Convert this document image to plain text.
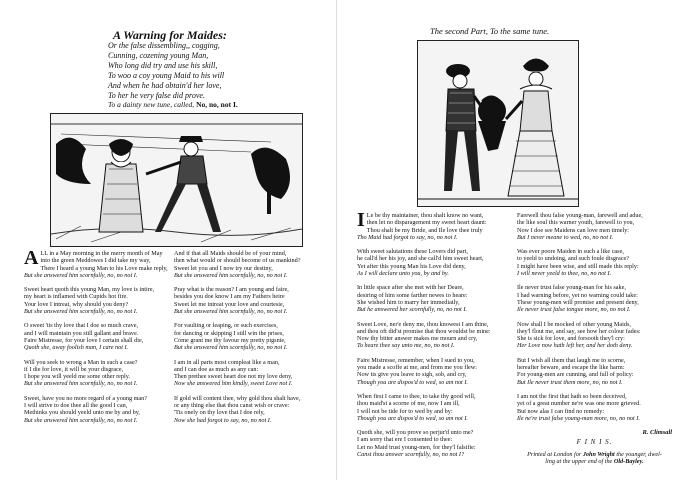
A Warning for Maides:
Or the false dissembling,, cogging,
Cunning, cozening young Man,
Who long did try and use his skill,
To woo a coy young Maid to his will
And when he had obtain'd her love,
To her he very false did prove.
To a dainty new tune, called, No, no, not I.
A LL in a May morning in the merry month of May
into the green Meddowes I did take my way,
There I heard a young Man to his Love make reply,
But she answered him scornfully, no, no not I.
Sweet heart quoth this young Man, my love is intire,
my heart is inflamed with Cupids hot fire.
Your love I intreat, why should you deny?
But she answered him scornfully, no, no not I.
O sweet 'tis thy love that I doe so much crave,
and I will maintain you still gallant and brave.
Faire Mistresse, for your love I certain shall die,
Quoth she, away foolish man, I care not I.
Will you seek to wrong a Man in such a case?
if I die for love, it will be your disgrace,
I hope you will yeeld me some other reply.
But she answered him scornfully, no, no not I.
Sweet, have you no more regard of a young man?
I will strive to doe thee all the good I can,
Methinks you should yeeld unto me by and by,
But she answered him scornfully, no, no not I.
And if that all Maids should be of your mind,
then what would or should become of us mankind?
Sweet let you and I now try our destiny,
But she answered him scornfully, no, no not I.
Pray what is the reason? I am young and faire,
besides you doe know I am my Fathers heire
Sweet let me intreat your love and courtesie,
But she answered him scornfully, no, no not I.
For vaulting or leaping, or such exercises,
for dancing or skipping I still win the prises,
Come grant me thy favour my pretty pigsnie,
But she answered him scornfully, no, no not I.
I am in all parts most compleat like a man,
and I can doe as much as any can:
Then prethee sweet heart doe not my love deny,
Now she answered him kindly, sweet Love not I.
If gold will content thee, why gold thou shalt have,
or any thing else that thou canst wish or crave:
'Tis onely on thy love that I doe rely,
Now she had forgot to say, no, no not I.
The second Part, To the same tune.
I Le be thy maintainer, thou shalt know no want,
then let no disparagement my sweet heart daunt:
Thou shalt be my Bride, and Ile love thee truly
Tho Maid had forgot to say, no, no not I.
With sweet salutations these Lovers did part,
he call'd her his joy, and she call'd him sweet heart,
Yet after this young Man his Love did deny,
As I will declare unto you, by and by.
In little space after she met with her Deare,
desiring of him some farther newes to heare:
She wished him to marry her immediatly,
But he answered her scornfully, no, no not I.
Sweet Love, ner'e deny me, thou knowest I am thine,
and thou oft did'st promise that thou wouldst be mine:
Now thy bitter answer makes me mourn and cry,
To heare thee say unto me, no, no not I.
Faire Mistresse, remember, when I sued to you,
you made a scoffe at me, and from me you flew:
Now tis give you leave to sigh, sob, and cry,
Though you are dispos'd to wed, so am not I.
When first I came to thee, to take thy good will,
thou maid'st a scorne of me, now I am ill,
I will not be tide for to wed by and by:
Though you are dispos'd to wed, so am not I.
Quoth she, will you prove so perjur'd unto me?
I am sorry that ere I consented to thee:
Let no Maid trust young-men, for they'l falsifie:
Canst thou answer scornfully, no, no not I?
Farewell thou false young-man, farewell and adue,
the like soul this warner youth, farewell to you,
Now I doe see Maidens can love men timely:
But I never meane to wed, no, no not I.
Was ever poore Maiden in such a like case,
to yeeld to undoing, and such foule disgrace?
I might have been wise, and still made this reply:
I will never yeeld to thee, no, no not I.
Ile never trust false young-man for his sake,
I had warning before, yet no warning could take:
These young-men will promise and present deny,
Ile never trust false tongue more, no, no not I.
Now shall I be mocked of other young Maids,
they'l flout me, and say, see how her colour fades:
She is sick for love, and forsooth they'l cry:
Her Love now hath left her, and her doth deny.
But I wish all them that laugh me to scorne,
hereafter beware, and escape the like harm:
For young-men are cunning, and full of policy:
But Ile never trust them more, no, no not I.
I am not the first that hath so been deceived,
yet of a great number ne're was one more grieved.
But now alas I can find no remedy:
Ile ne're trust false young-man more, no, no not I.
R. Climsall
F I N I S.
Printed at London for John Wright the younger, dwel-
ling at the upper end of the Old-Bayley.
